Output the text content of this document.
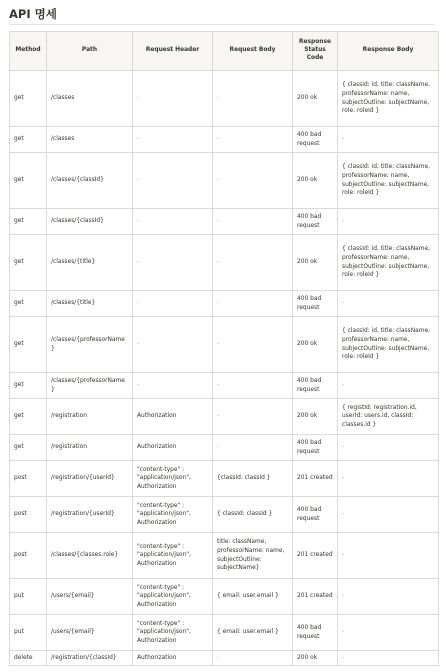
API 명세
Method	Path	Request Header	Request Body	Response Status Code	Response Body
get	/classes	-	-	200 ok	{ classId: id, title: className, professorName: name, subjectOutline: subjectName, role: roleId }
get	/classes	-	-	400 bad request	-
get	/classes/{classId}	-	-	200 ok	{ classId: id, title: className, professorName: name, subjectOutline: subjectName, role: roleId }
get	/classes/{classId}	-	-	400 bad request	-
get	/classes/{title}	-	-	200 ok	{ classId: id, title: className, professorName: name, subjectOutline: subjectName, role: roleId }
get	/classes/{title}	-	-	400 bad request	-
get	/classes/{professorName}	-	-	200 ok	{ classId: id, title: className, professorName: name, subjectOutline: subjectName, role: roleId }
get	/classes/{professorName}	-	-	400 bad request	-
get	/registration	Authorization	-	200 ok	{ registId: registration.id, userId: users.id, classId: classes.id }
get	/registration	Authorization	-	400 bad request	-
post	/registration/{userId}	"content-type" : "application/json", Authorization	{classId: classId }	201 created	-
post	/registration/{userId}	"content-type" : "application/json", Authorization	{ classId: classId }	400 bad request	-
post	/classes/{classes.role}	"content-type" : "application/json", Authorization	title: className, professorName: name, subjectOutline: subjectName}	201 created	-
put	/users/{email}	"content-type" : "application/json", Authorization	{ email: user.email }	201 created	-
put	/users/{email}	"content-type" : "application/json", Authorization	{ email: user.email }	400 bad request	-
delete	/registration/{classId}	Authorization	-	200 ok	-
